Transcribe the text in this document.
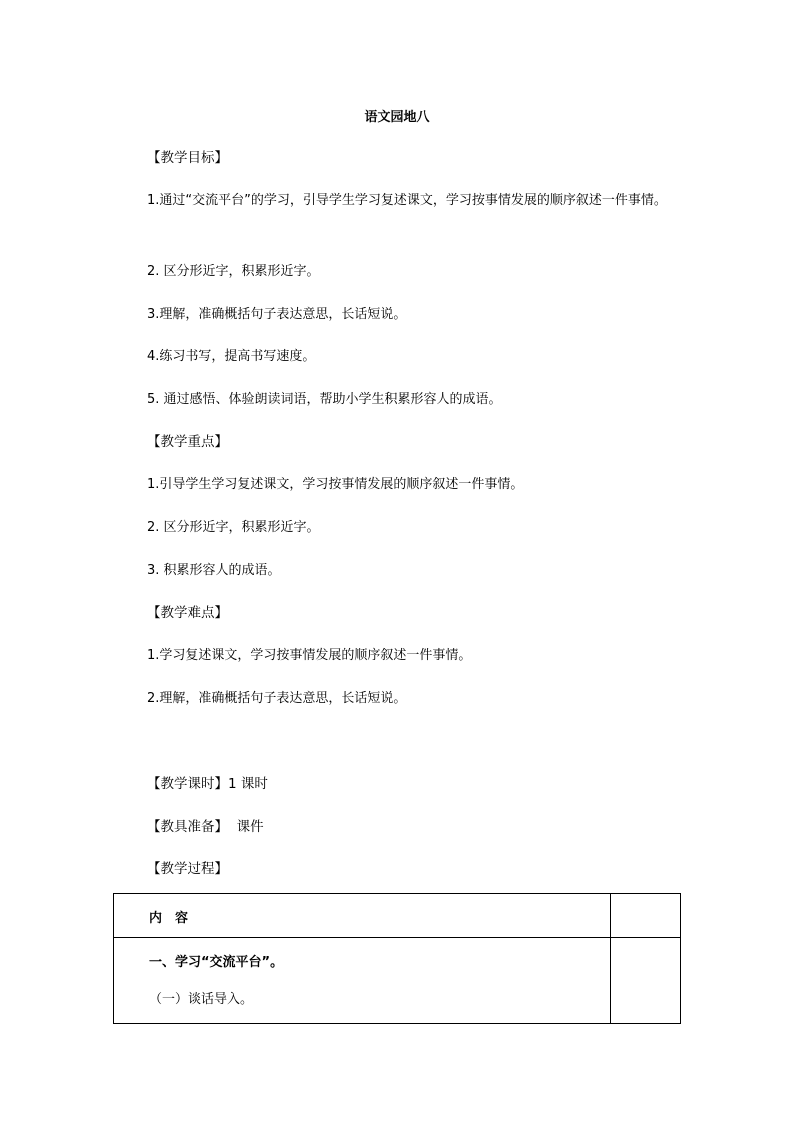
语文园地八
【教学目标】
1.通过“交流平台”的学习，引导学生学习复述课文，学习按事情发展的顺序叙述一件事情。
2. 区分形近字，积累形近字。
3.理解，准确概括句子表达意思，长话短说。
4.练习书写，提高书写速度。
5. 通过感悟、体验朗读词语，帮助小学生积累形容人的成语。
【教学重点】
1.引导学生学习复述课文，学习按事情发展的顺序叙述一件事情。
2. 区分形近字，积累形近字。
3. 积累形容人的成语。
【教学难点】
1.学习复述课文，学习按事情发展的顺序叙述一件事情。
2.理解，准确概括句子表达意思，长话短说。
【教学课时】1 课时
【教具准备】 课件
【教学过程】
内　容	

一、学习“交流平台”。
（一）谈话导入。	
